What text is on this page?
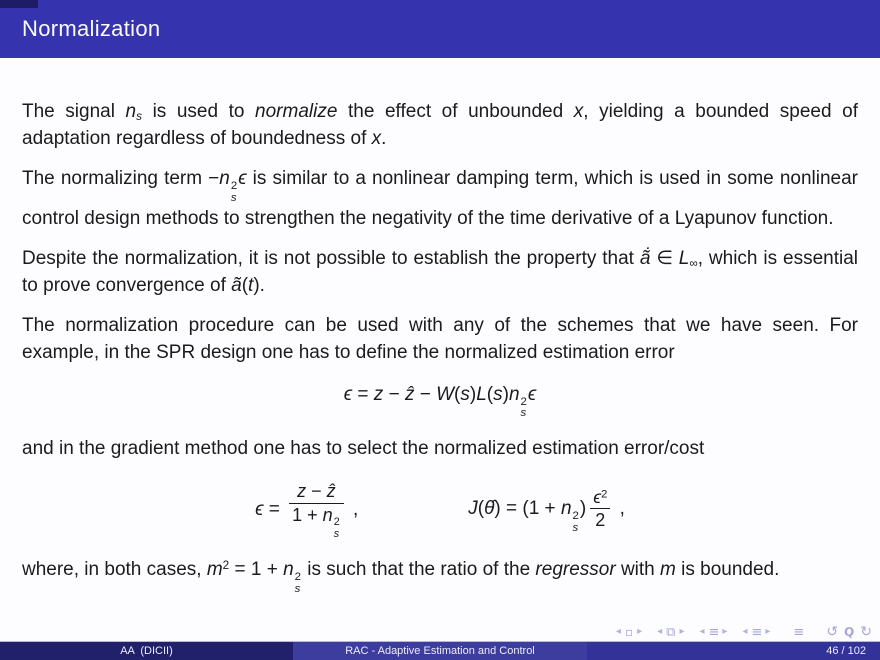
Normalization

The signal $n_s$ is used to normalize the effect of unbounded x, yielding a bounded speed of adaptation regardless of boundedness of x.

The normalizing term −n 2
s
ϵ is similar to a nonlinear damping term, which is used in some nonlinear control design methods to strengthen the negativity of the time derivative of a Lyapunov function.

Despite the normalization, it is not possible to establish the property that ã̇ ∈ $L_\infty$, which is essential to prove convergence of ã(t).

The normalization procedure can be used with any of the schemes that we have seen. For example, in the SPR design one has to define the normalized estimation error

ϵ = z − ẑ − W(s)L(s)n 2
s
ϵ

and in the gradient method one has to select the normalized estimation error/cost

ϵ = z − ẑ
1 + n 2
s ,	J(θ̂) = (1 + n 2
s
) $\frac{\epsilon^2}{2}$ ,

where, in both cases, $m^2 = 1 + n$ 2
s
is such that the ratio of the regressor with m is bounded.

◂ ▫ ▸ ◂ ⧉ ▸ ◂ ≡ ▸ ◂ ≡ ▸ ≡ ↺ Q ↻
AA (DICII)	RAC - Adaptive Estimation and Control	46 / 102
